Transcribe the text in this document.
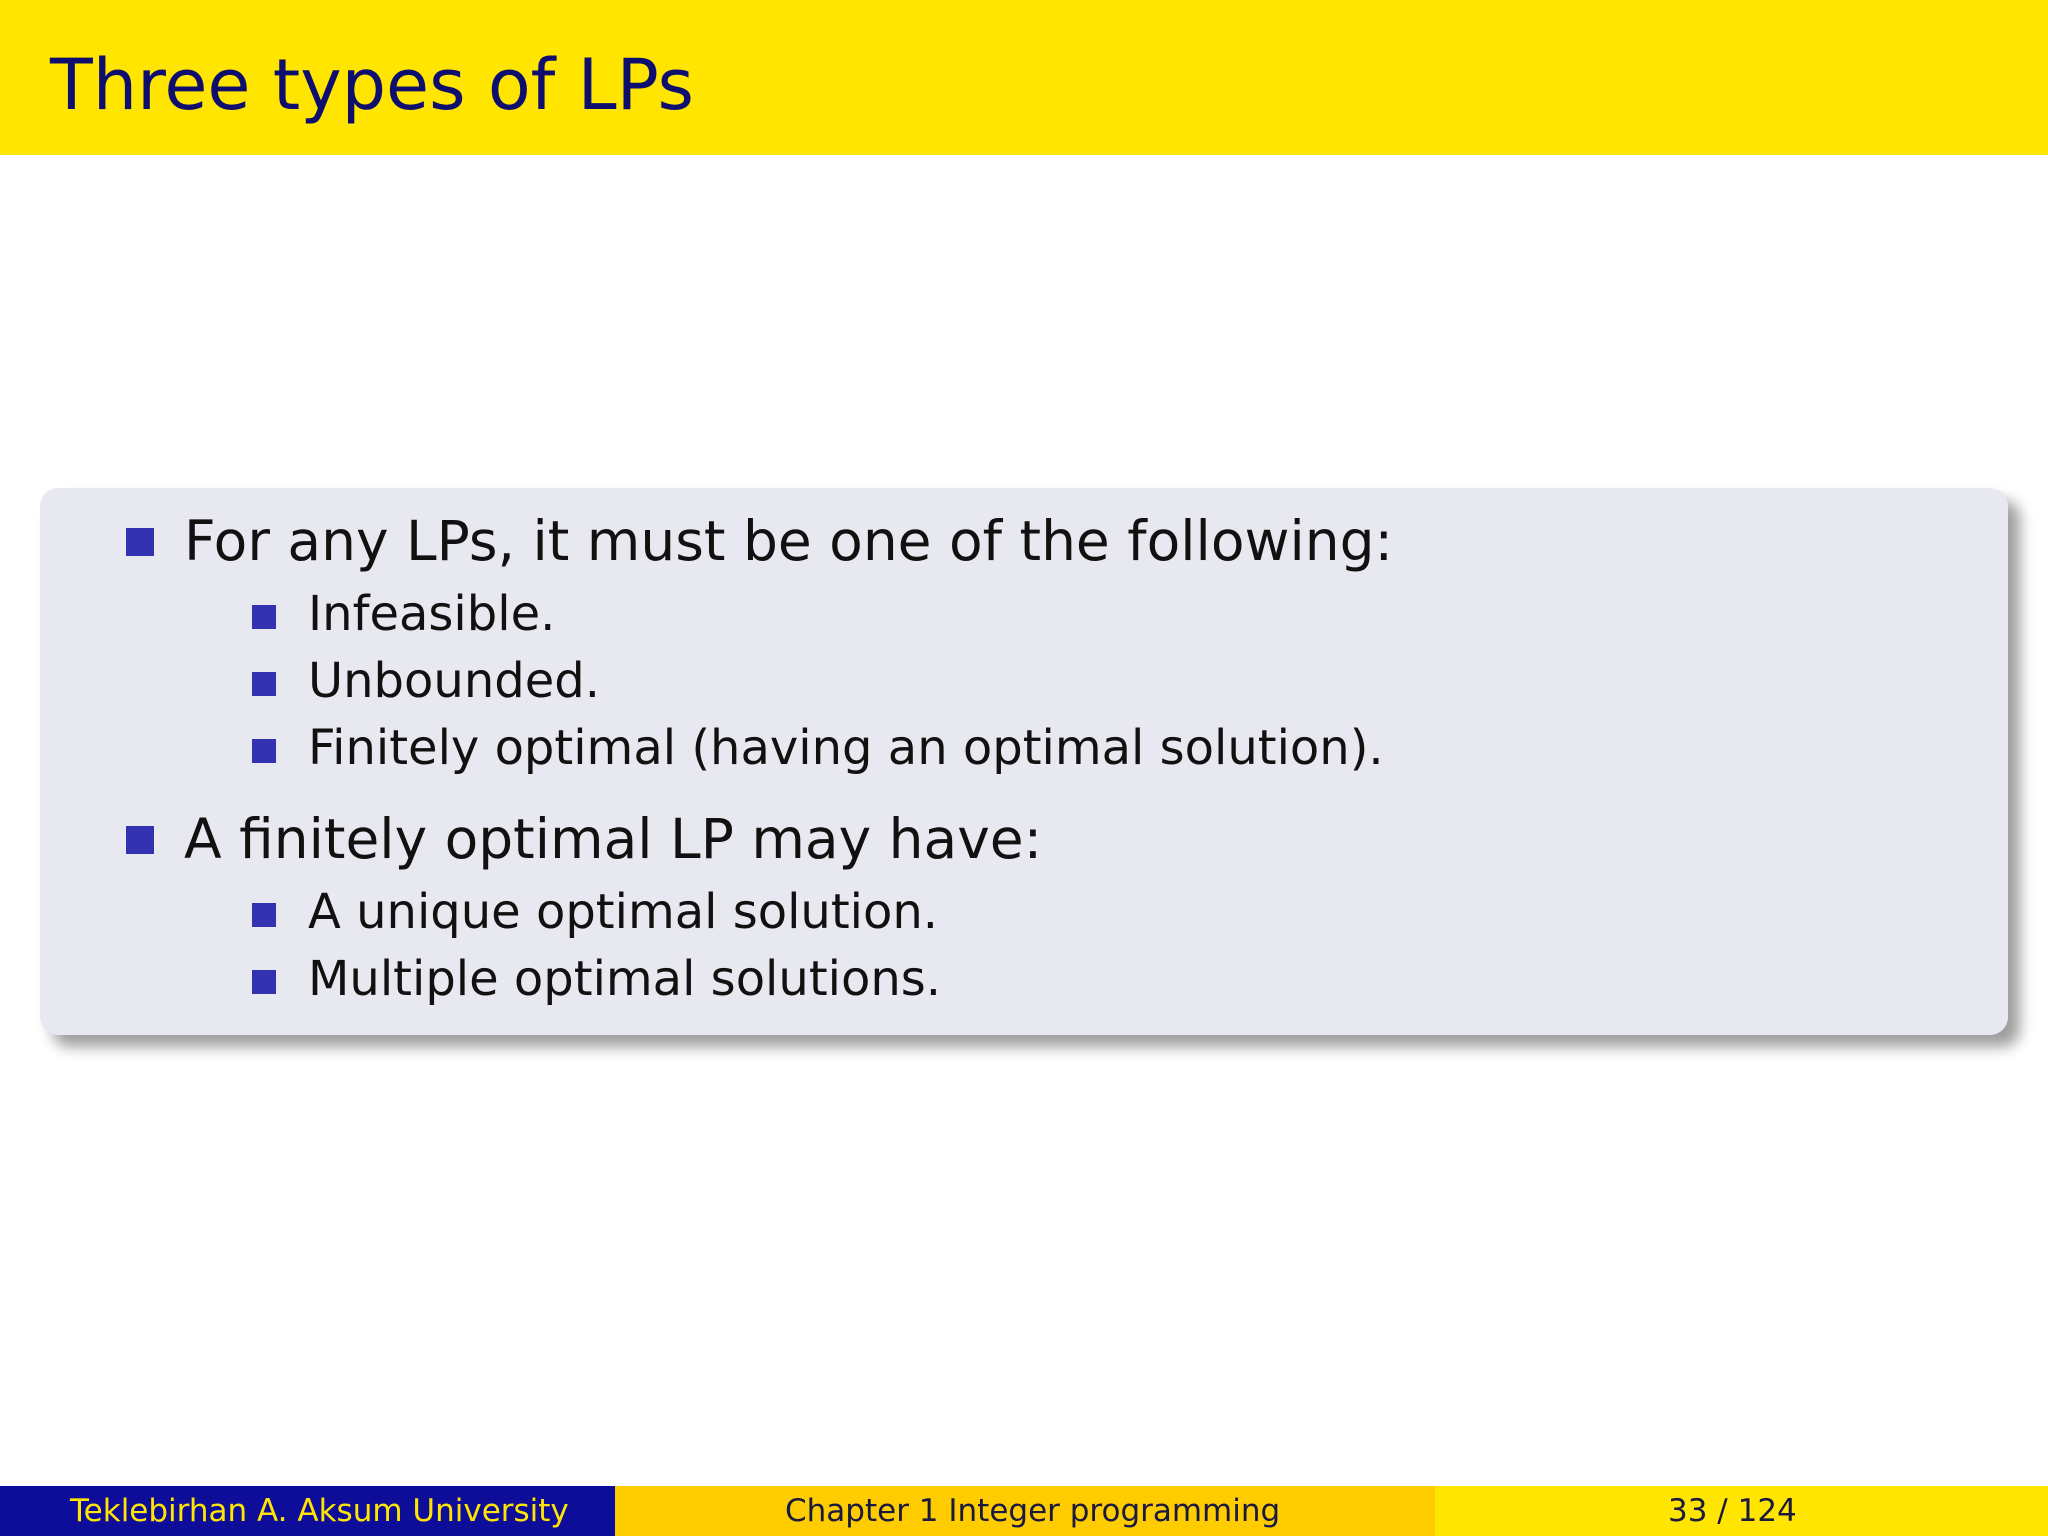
Three types of LPs
For any LPs, it must be one of the following:
Infeasible.
Unbounded.
Finitely optimal (having an optimal solution).
A finitely optimal LP may have:
A unique optimal solution.
Multiple optimal solutions.
Teklebirhan A. Aksum University	Chapter 1 Integer programming	33 / 124
